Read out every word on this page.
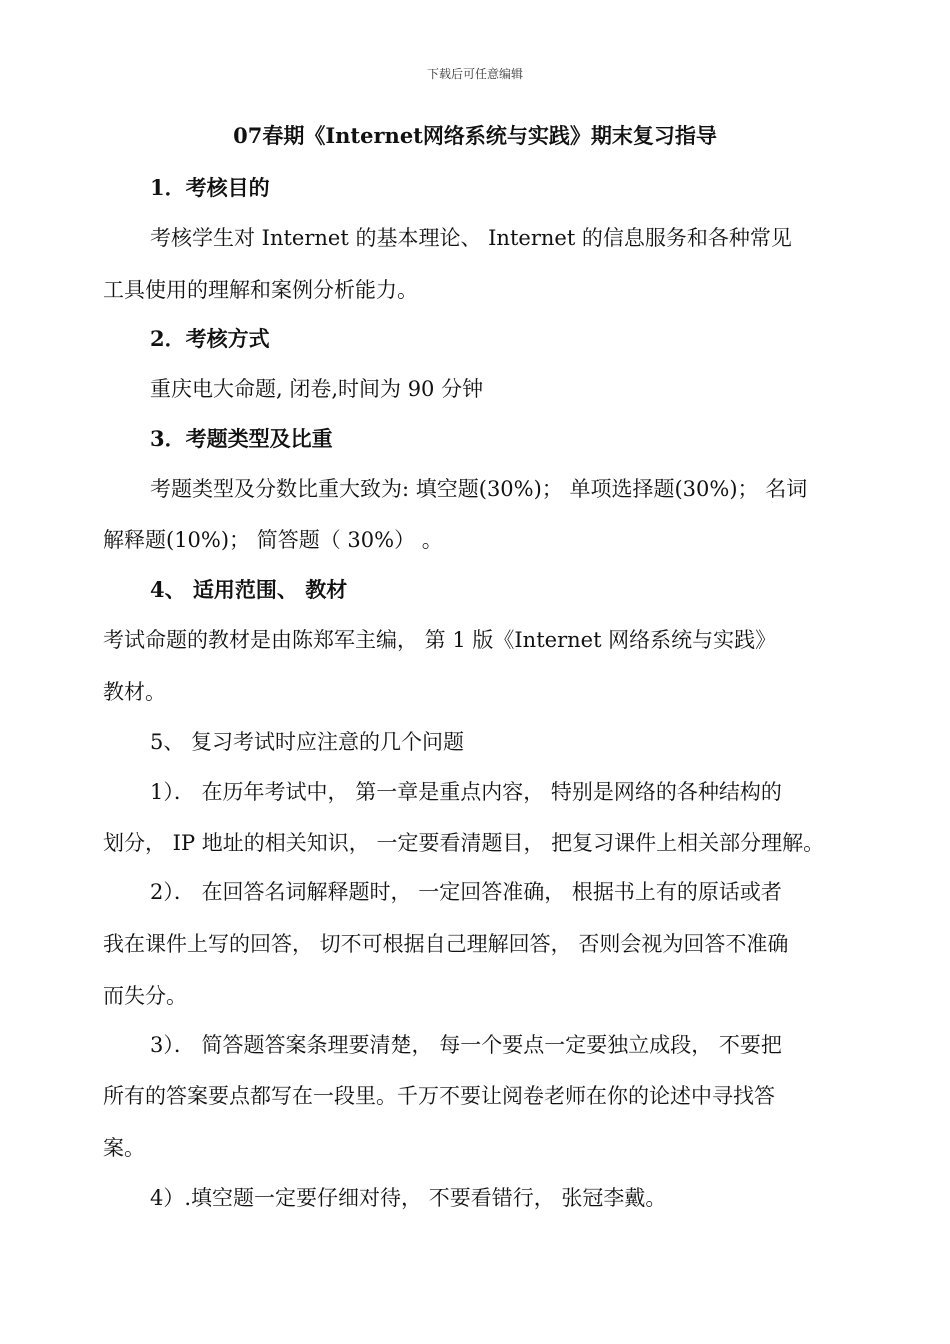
下载后可任意编辑
07春期《Internet网络系统与实践》期末复习指导
1．考核目的
考核学生对 Internet 的基本理论、 Internet 的信息服务和各种常见
工具使用的理解和案例分析能力。
2．考核方式
重庆电大命题, 闭卷,时间为 90 分钟
3．考题类型及比重
考题类型及分数比重大致为: 填空题(30%)； 单项选择题(30%)； 名词
解释题(10%)； 简答题（ 30%） 。
4、 适用范围、 教材
考试命题的教材是由陈郑军主编， 第 1 版《Internet 网络系统与实践》
教材。
5、 复习考试时应注意的几个问题
1）． 在历年考试中， 第一章是重点内容， 特别是网络的各种结构的
划分， IP 地址的相关知识， 一定要看清题目， 把复习课件上相关部分理解。
2）． 在回答名词解释题时， 一定回答准确， 根据书上有的原话或者
我在课件上写的回答， 切不可根据自己理解回答， 否则会视为回答不准确
而失分。
3）． 简答题答案条理要清楚， 每一个要点一定要独立成段， 不要把
所有的答案要点都写在一段里。千万不要让阅卷老师在你的论述中寻找答
案。
4）.填空题一定要仔细对待， 不要看错行， 张冠李戴。
